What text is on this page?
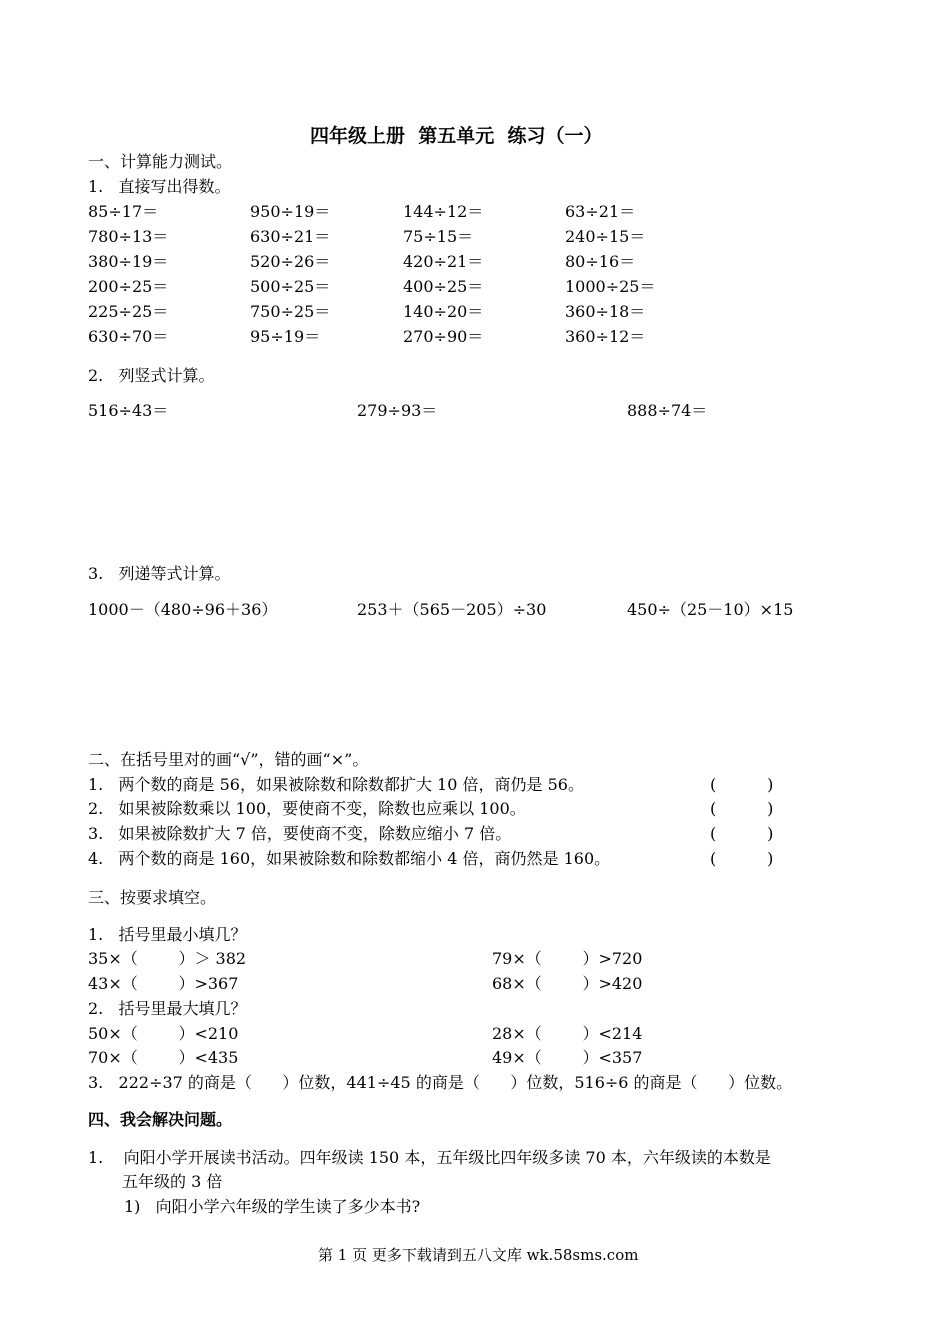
四年级上册  第五单元  练习（一）
一、计算能力测试。
1.   直接写出得数。
85÷17＝	950÷19＝	144÷12＝	63÷21＝
780÷13＝	630÷21＝	75÷15＝	240÷15＝
380÷19＝	520÷26＝	420÷21＝	80÷16＝
200÷25＝	500÷25＝	400÷25＝	1000÷25＝
225÷25＝	750÷25＝	140÷20＝	360÷18＝
630÷70＝	95÷19＝	270÷90＝	360÷12＝
2.   列竖式计算。
516÷43＝	279÷93＝	888÷74＝
3.   列递等式计算。
1000－（480÷96＋36）	253＋（565－205）÷30	450÷（25－10）×15
二、在括号里对的画“√”，错的画“×”。
1.   两个数的商是 56，如果被除数和除数都扩大 10 倍，商仍是 56。	(          )
2.   如果被除数乘以 100，要使商不变，除数也应乘以 100。	(          )
3.   如果被除数扩大 7 倍，要使商不变，除数应缩小 7 倍。	(          )
4.   两个数的商是 160，如果被除数和除数都缩小 4 倍，商仍然是 160。	(          )
三、按要求填空。
1.   括号里最小填几？
35×（        ）＞ 382	79×（        ）>720
43×（        ）>367	68×（        ）>420
2.   括号里最大填几？
50×（        ）<210	28×（        ）<214
70×（        ）<435	49×（        ）<357
3.   222÷37 的商是（      ）位数，441÷45 的商是（      ）位数，516÷6 的商是（      ）位数。
四、我会解决问题。
1.    向阳小学开展读书活动。四年级读 150 本，五年级比四年级多读 70 本，六年级读的本数是
五年级的 3 倍
1)   向阳小学六年级的学生读了多少本书?
第 1 页 更多下载请到五八文库 wk.58sms.com
